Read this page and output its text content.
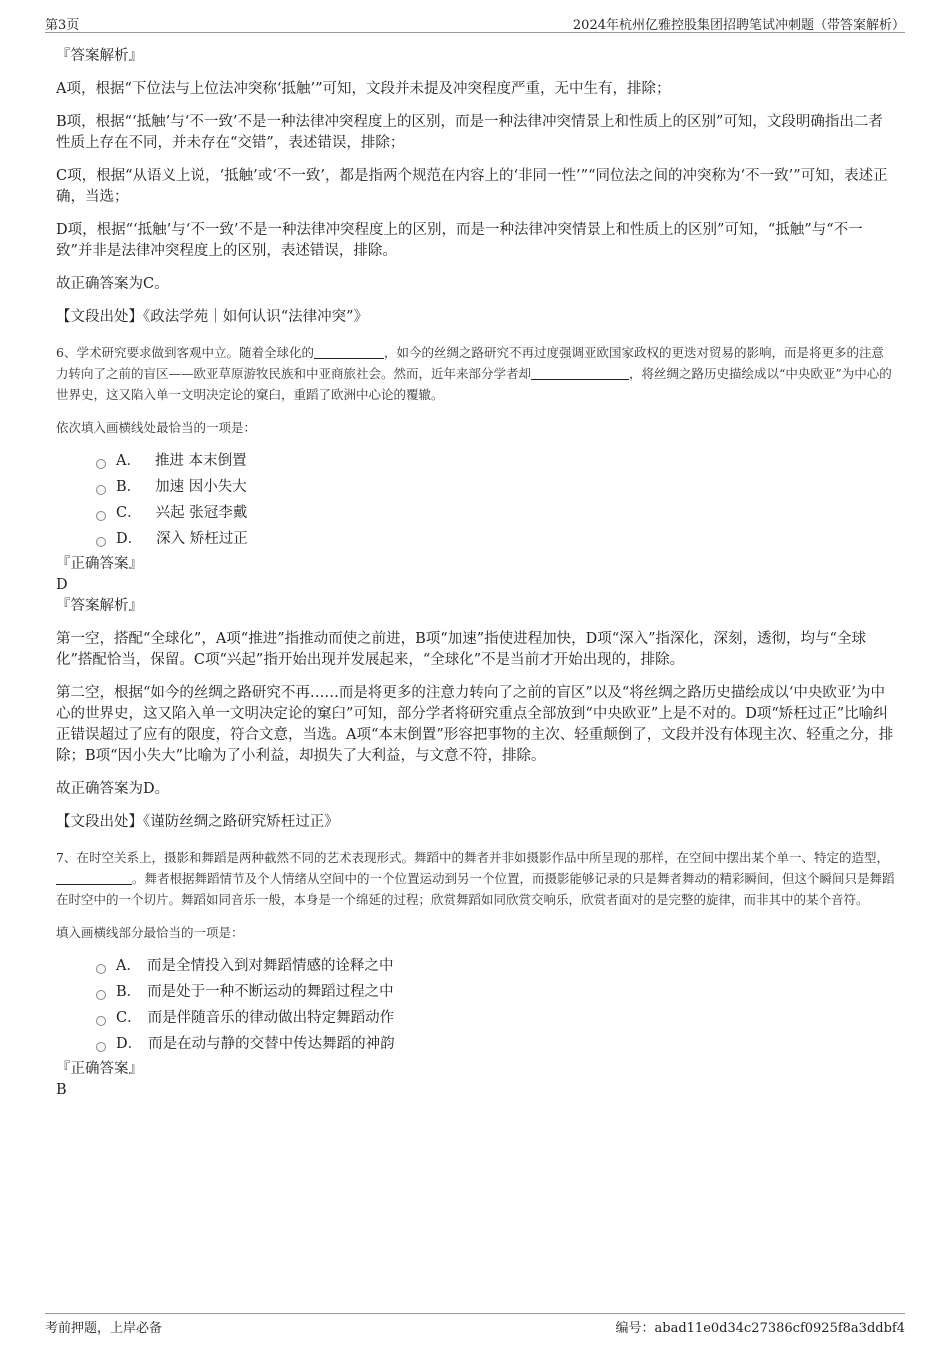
第3页	2024年杭州亿雅控股集团招聘笔试冲刺题（带答案解析）

『答案解析』

A项，根据“下位法与上位法冲突称‘抵触’”可知，文段并未提及冲突程度严重，无中生有，排除；

B项，根据“‘抵触’与‘不一致’不是一种法律冲突程度上的区别，而是一种法律冲突情景上和性质上的区别”可知，文段明确指出二者性质上存在不同，并未存在“交错”，表述错误，排除；

C项，根据“从语义上说，‘抵触’或‘不一致’，都是指两个规范在内容上的‘非同一性’”“同位法之间的冲突称为‘不一致’”可知，表述正确，当选；

D项，根据“‘抵触’与‘不一致’不是一种法律冲突程度上的区别，而是一种法律冲突情景上和性质上的区别”可知，“抵触”与“不一致”并非是法律冲突程度上的区别，表述错误，排除。

故正确答案为C。

【文段出处】《政法学苑｜如何认识“法律冲突”》

6、学术研究要求做到客观中立。随着全球化的	，如今的丝绸之路研究不再过度强调亚欧国家政权的更迭对贸易的影响，而是将更多的注意力转向了之前的盲区——欧亚草原游牧民族和中亚商旅社会。然而，近年来部分学者却	，将丝绸之路历史描绘成以“中央欧亚”为中心的世界史，这又陷入单一文明决定论的窠臼，重蹈了欧洲中心论的覆辙。

依次填入画横线处最恰当的一项是：

A． 推进 本末倒置
B． 加速 因小失大
C． 兴起 张冠李戴
D． 深入 矫枉过正

『正确答案』

D

『答案解析』

第一空，搭配“全球化”，A项“推进”指推动而使之前进，B项“加速”指使进程加快，D项“深入”指深化，深刻，透彻，均与“全球化”搭配恰当，保留。C项“兴起”指开始出现并发展起来，“全球化”不是当前才开始出现的，排除。

第二空，根据“如今的丝绸之路研究不再……而是将更多的注意力转向了之前的盲区”以及“将丝绸之路历史描绘成以‘中央欧亚’为中心的世界史，这又陷入单一文明决定论的窠臼”可知，部分学者将研究重点全部放到“中央欧亚”上是不对的。D项“矫枉过正”比喻纠正错误超过了应有的限度，符合文意，当选。A项“本末倒置”形容把事物的主次、轻重颠倒了，文段并没有体现主次、轻重之分，排除；B项“因小失大”比喻为了小利益，却损失了大利益，与文意不符，排除。

故正确答案为D。

【文段出处】《谨防丝绸之路研究矫枉过正》

7、在时空关系上，摄影和舞蹈是两种截然不同的艺术表现形式。舞蹈中的舞者并非如摄影作品中所呈现的那样，在空间中摆出某个单一、特定的造型，。舞者根据舞蹈情节及个人情绪从空间中的一个位置运动到另一个位置，而摄影能够记录的只是舞者舞动的精彩瞬间，但这个瞬间只是舞蹈在时空中的一个切片。舞蹈如同音乐一般，本身是一个绵延的过程；欣赏舞蹈如同欣赏交响乐，欣赏者面对的是完整的旋律，而非其中的某个音符。

填入画横线部分最恰当的一项是：

A． 而是全情投入到对舞蹈情感的诠释之中
B． 而是处于一种不断运动的舞蹈过程之中
C． 而是伴随音乐的律动做出特定舞蹈动作
D． 而是在动与静的交替中传达舞蹈的神韵

『正确答案』

B

考前押题，上岸必备	编号：abad11e0d34c27386cf0925f8a3ddbf4
